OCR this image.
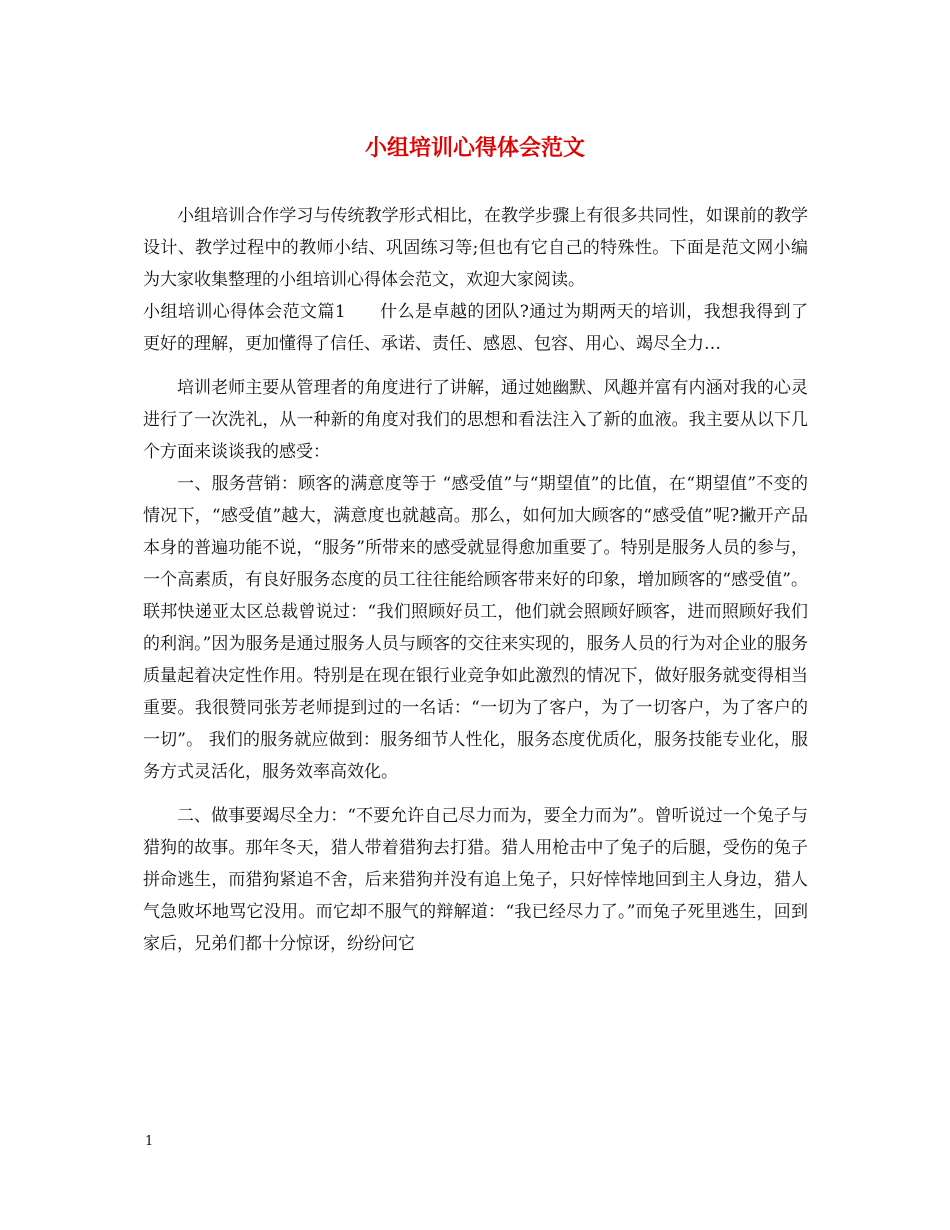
小组培训心得体会范文

小组培训合作学习与传统教学形式相比，在教学步骤上有很多共同性，如课前的教学设计、教学过程中的教师小结、巩固练习等;但也有它自己的特殊性。下面是范文网小编为大家收集整理的小组培训心得体会范文，欢迎大家阅读。

小组培训心得体会范文篇1 什么是卓越的团队?通过为期两天的培训，我想我得到了更好的理解，更加懂得了信任、承诺、责任、感恩、包容、用心、竭尽全力…

培训老师主要从管理者的角度进行了讲解，通过她幽默、风趣并富有内涵对我的心灵进行了一次洗礼，从一种新的角度对我们的思想和看法注入了新的血液。我主要从以下几个方面来谈谈我的感受：

一、服务营销：顾客的满意度等于 “感受值”与“期望值”的比值，在“期望值”不变的情况下，“感受值”越大，满意度也就越高。那么，如何加大顾客的“感受值”呢?撇开产品本身的普遍功能不说，“服务”所带来的感受就显得愈加重要了。特别是服务人员的参与，一个高素质，有良好服务态度的员工往往能给顾客带来好的印象，增加顾客的“感受值”。联邦快递亚太区总裁曾说过：“我们照顾好员工，他们就会照顾好顾客，进而照顾好我们的利润。”因为服务是通过服务人员与顾客的交往来实现的，服务人员的行为对企业的服务质量起着决定性作用。特别是在现在银行业竞争如此激烈的情况下，做好服务就变得相当重要。我很赞同张芳老师提到过的一名话：“一切为了客户，为了一切客户，为了客户的一切”。 我们的服务就应做到：服务细节人性化，服务态度优质化，服务技能专业化，服务方式灵活化，服务效率高效化。

二、做事要竭尽全力：“不要允许自己尽力而为，要全力而为”。曾听说过一个兔子与猎狗的故事。那年冬天，猎人带着猎狗去打猎。猎人用枪击中了兔子的后腿，受伤的兔子拼命逃生，而猎狗紧追不舍，后来猎狗并没有追上兔子，只好悻悻地回到主人身边，猎人气急败坏地骂它没用。而它却不服气的辩解道：“我已经尽力了。”而兔子死里逃生，回到家后，兄弟们都十分惊讶，纷纷问它

1
